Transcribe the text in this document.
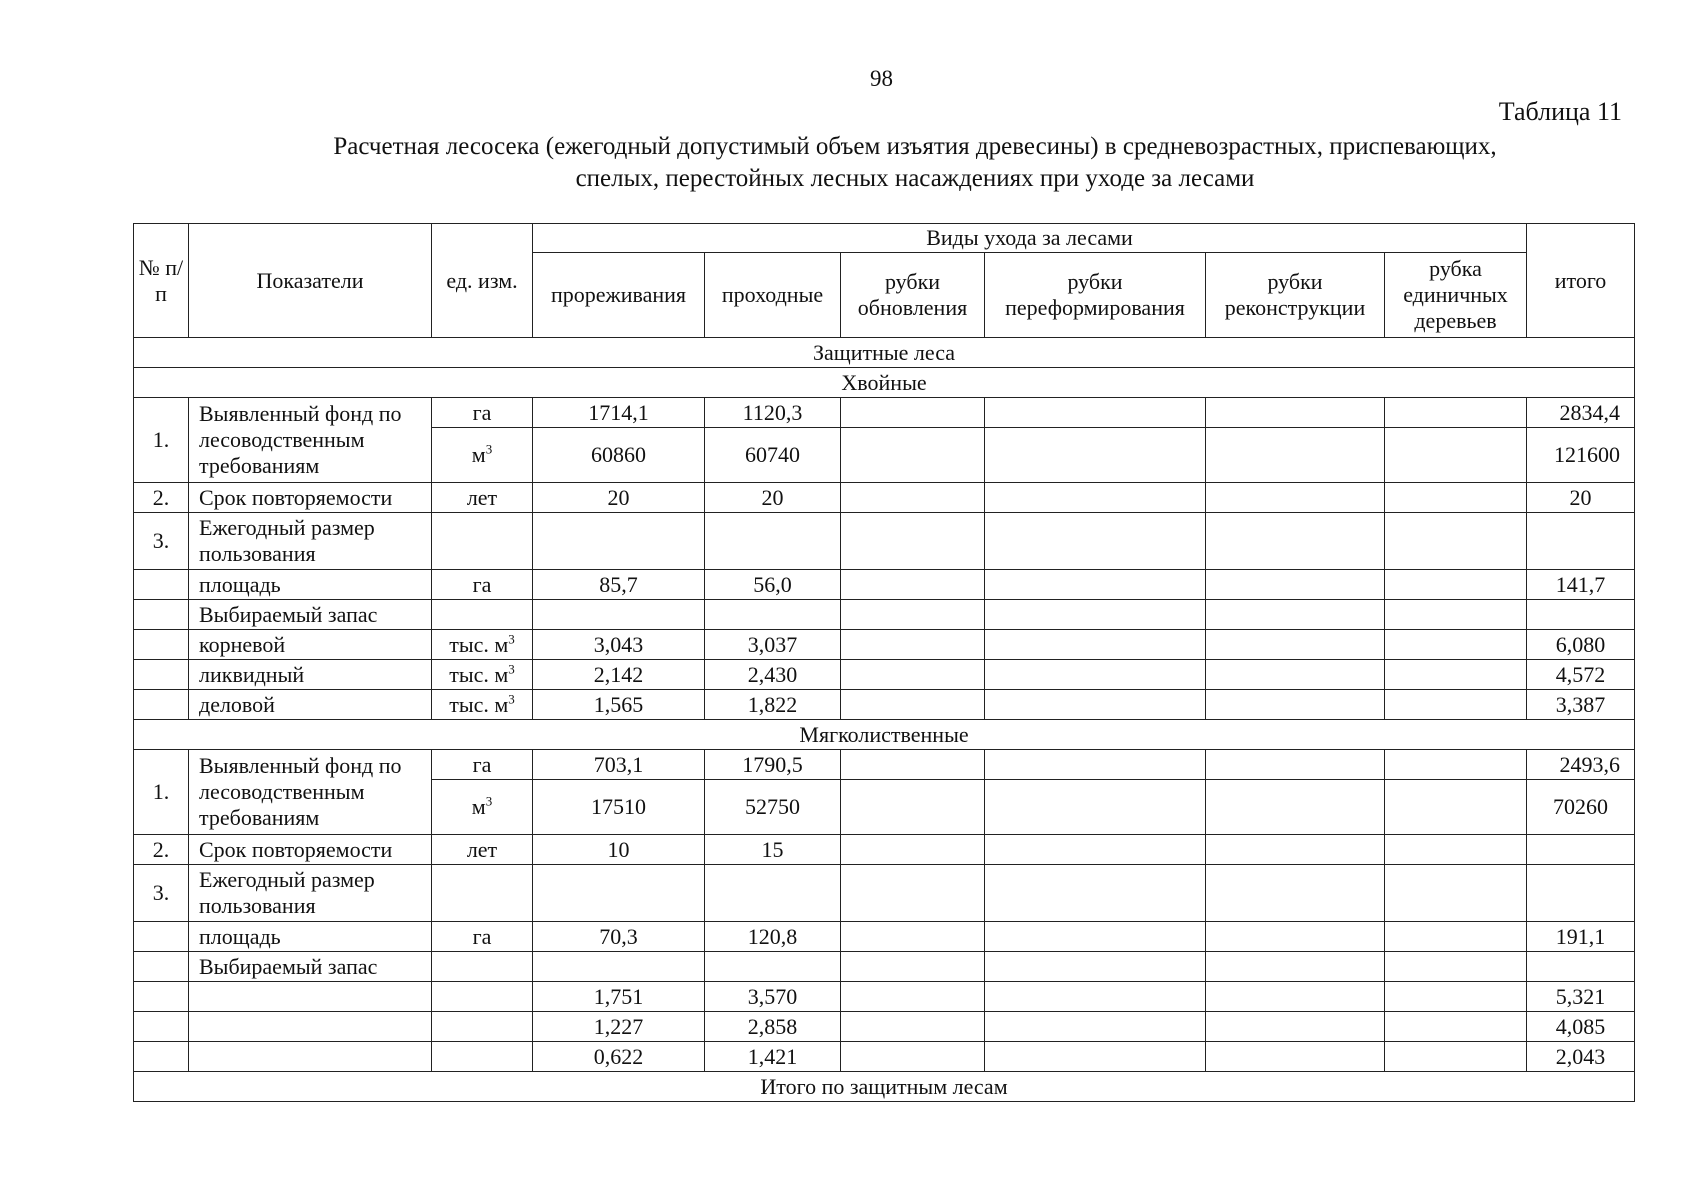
98
Таблица 11
Расчетная лесосека (ежегодный допустимый объем изъятия древесины) в средневозрастных, приспевающих,
спелых, перестойных лесных насаждениях при уходе за лесами
№ п/п	Показатели	ед. изм.	Виды ухода за лесами						итого
			прореживания	проходные	рубки обновления	рубки переформирования	рубки реконструкции	рубка единичных деревьев	
Защитные леса									
Хвойные									
1.	Выявленный фонд по лесоводственным требованиям	га	1714,1	1120,3					2834,4
		$м^3$	60860	60740					121600
2.	Срок повторяемости	лет	20	20					20
3.	Ежегодный размер пользования								
	площадь	га	85,7	56,0					141,7
	Выбираемый запас								
	корневой	тыс. $м^3$	3,043	3,037					6,080
	ликвидный	тыс. $м^3$	2,142	2,430					4,572
	деловой	тыс. $м^3$	1,565	1,822					3,387
Мягколиственные									
1.	Выявленный фонд по лесоводственным требованиям	га	703,1	1790,5					2493,6
		$м^3$	17510	52750					70260
2.	Срок повторяемости	лет	10	15					
3.	Ежегодный размер пользования								
	площадь	га	70,3	120,8					191,1
	Выбираемый запас								
			1,751	3,570					5,321
			1,227	2,858					4,085
			0,622	1,421					2,043
Итого по защитным лесам									
